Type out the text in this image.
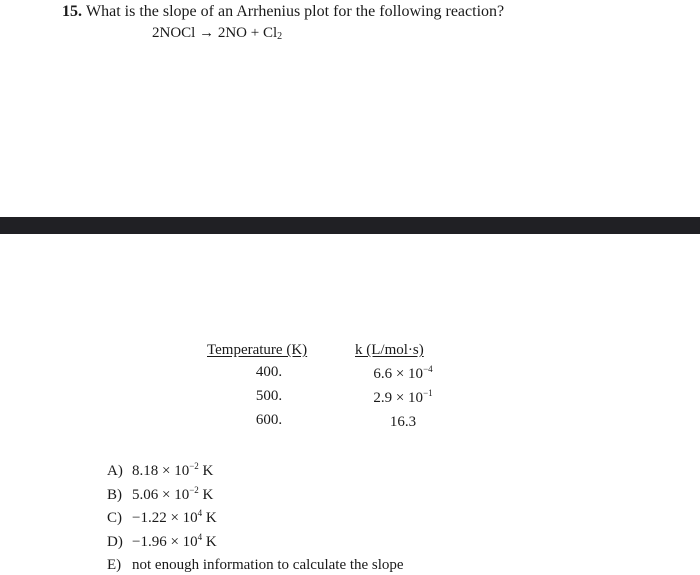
15. What is the slope of an Arrhenius plot for the following reaction?
2NOCl → $2NO + Cl_2$
Temperature (K)	k (L/mol·s)
400.	$6.6 \times 10^{-4}$
500.	$2.9 \times 10^{-1}$
600.	16.3
A) $8.18 \times 10^{-2}$ K
B) $5.06 \times 10^{-2}$ K
$C) -1.22 \times 10^4$ K
$D) -1.96 \times 10^4$ K
E) not enough information to calculate the slope
